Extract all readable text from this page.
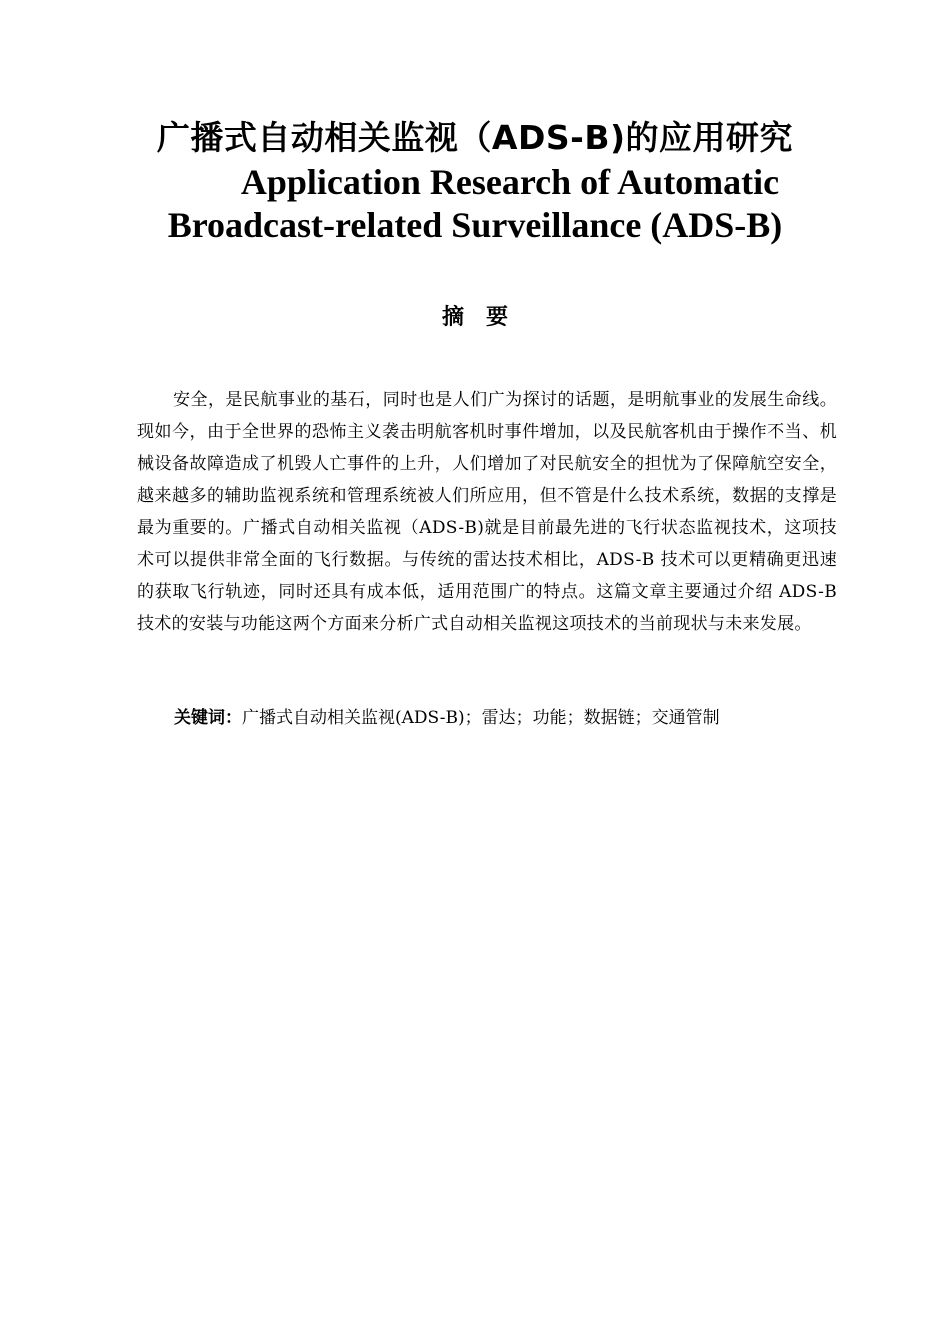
广播式自动相关监视（ADS-B)的应用研究
Application Research of Automatic
Broadcast-related Surveillance (ADS-B)
摘要

安全，是民航事业的基石，同时也是人们广为探讨的话题，是明航事业的发展生命线。现如今，由于全世界的恐怖主义袭击明航客机时事件增加，以及民航客机由于操作不当、机械设备故障造成了机毁人亡事件的上升，人们增加了对民航安全的担忧为了保障航空安全，越来越多的辅助监视系统和管理系统被人们所应用，但不管是什么技术系统，数据的支撑是最为重要的。广播式自动相关监视（ADS-B)就是目前最先进的飞行状态监视技术，这项技术可以提供非常全面的飞行数据。与传统的雷达技术相比，ADS-B 技术可以更精确更迅速的获取飞行轨迹，同时还具有成本低，适用范围广的特点。这篇文章主要通过介绍 ADS-B 技术的安装与功能这两个方面来分析广式自动相关监视这项技术的当前现状与未来发展。

关键词：广播式自动相关监视(ADS-B)；雷达；功能；数据链；交通管制
